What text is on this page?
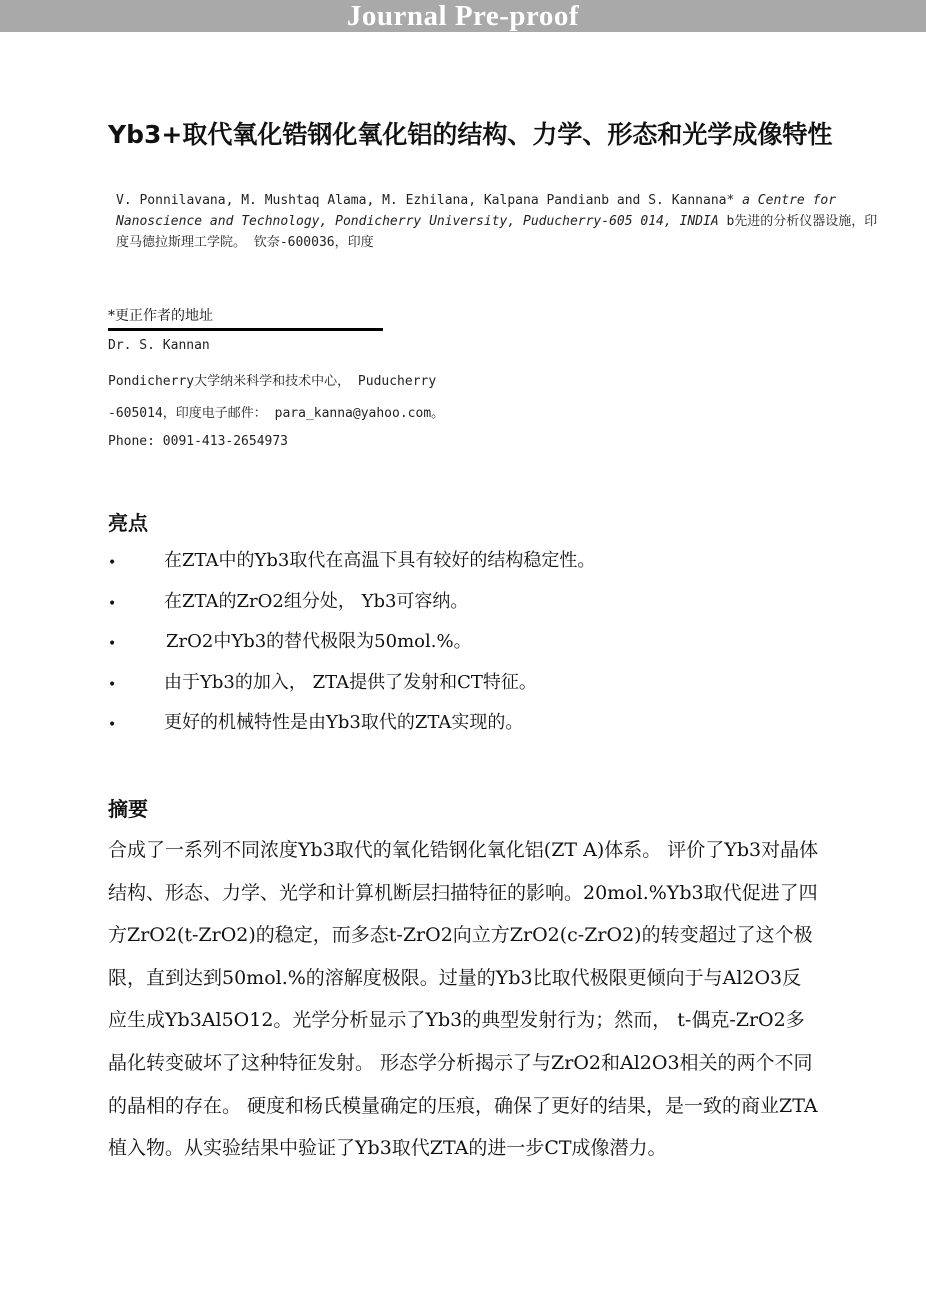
Journal Pre-proof
Yb3+取代氧化锆钢化氧化铝的结构、力学、形态和光学成像特性
V. Ponnilavana, M. Mushtaq Alama, M. Ezhilana, Kalpana Pandianb and S. Kannana* a Centre for Nanoscience and Technology, Pondicherry University, Puducherry-605 014, INDIA b先进的分析仪器设施，印度马德拉斯理工学院。 钦奈-600036，印度
*更正作者的地址
Dr. S. Kannan
Pondicherry大学纳米科学和技术中心， Puducherry
-605014，印度电子邮件： para_kanna@yahoo.com。
Phone: 0091-413-2654973
亮点
•	在ZTA中的Yb3取代在高温下具有较好的结构稳定性。
•	在ZTA的ZrO2组分处， Yb3可容纳。
•	ZrO2中Yb3的替代极限为50mol.%。
•	由于Yb3的加入， ZTA提供了发射和CT特征。
•	更好的机械特性是由Yb3取代的ZTA实现的。
摘要

合成了一系列不同浓度Yb3取代的氧化锆钢化氧化铝(ZT A)体系。 评价了Yb3对晶体结构、形态、力学、光学和计算机断层扫描特征的影响。20mol.%Yb3取代促进了四方ZrO2(t-ZrO2)的稳定，而多态t-ZrO2向立方ZrO2(c-ZrO2)的转变超过了这个极限，直到达到50mol.%的溶解度极限。过量的Yb3比取代极限更倾向于与Al2O3反应生成Yb3Al5O12。光学分析显示了Yb3的典型发射行为；然而， t-偶克-ZrO2多晶化转变破坏了这种特征发射。 形态学分析揭示了与ZrO2和Al2O3相关的两个不同的晶相的存在。 硬度和杨氏模量确定的压痕，确保了更好的结果，是一致的商业ZTA植入物。从实验结果中验证了Yb3取代ZTA的进一步CT成像潜力。
